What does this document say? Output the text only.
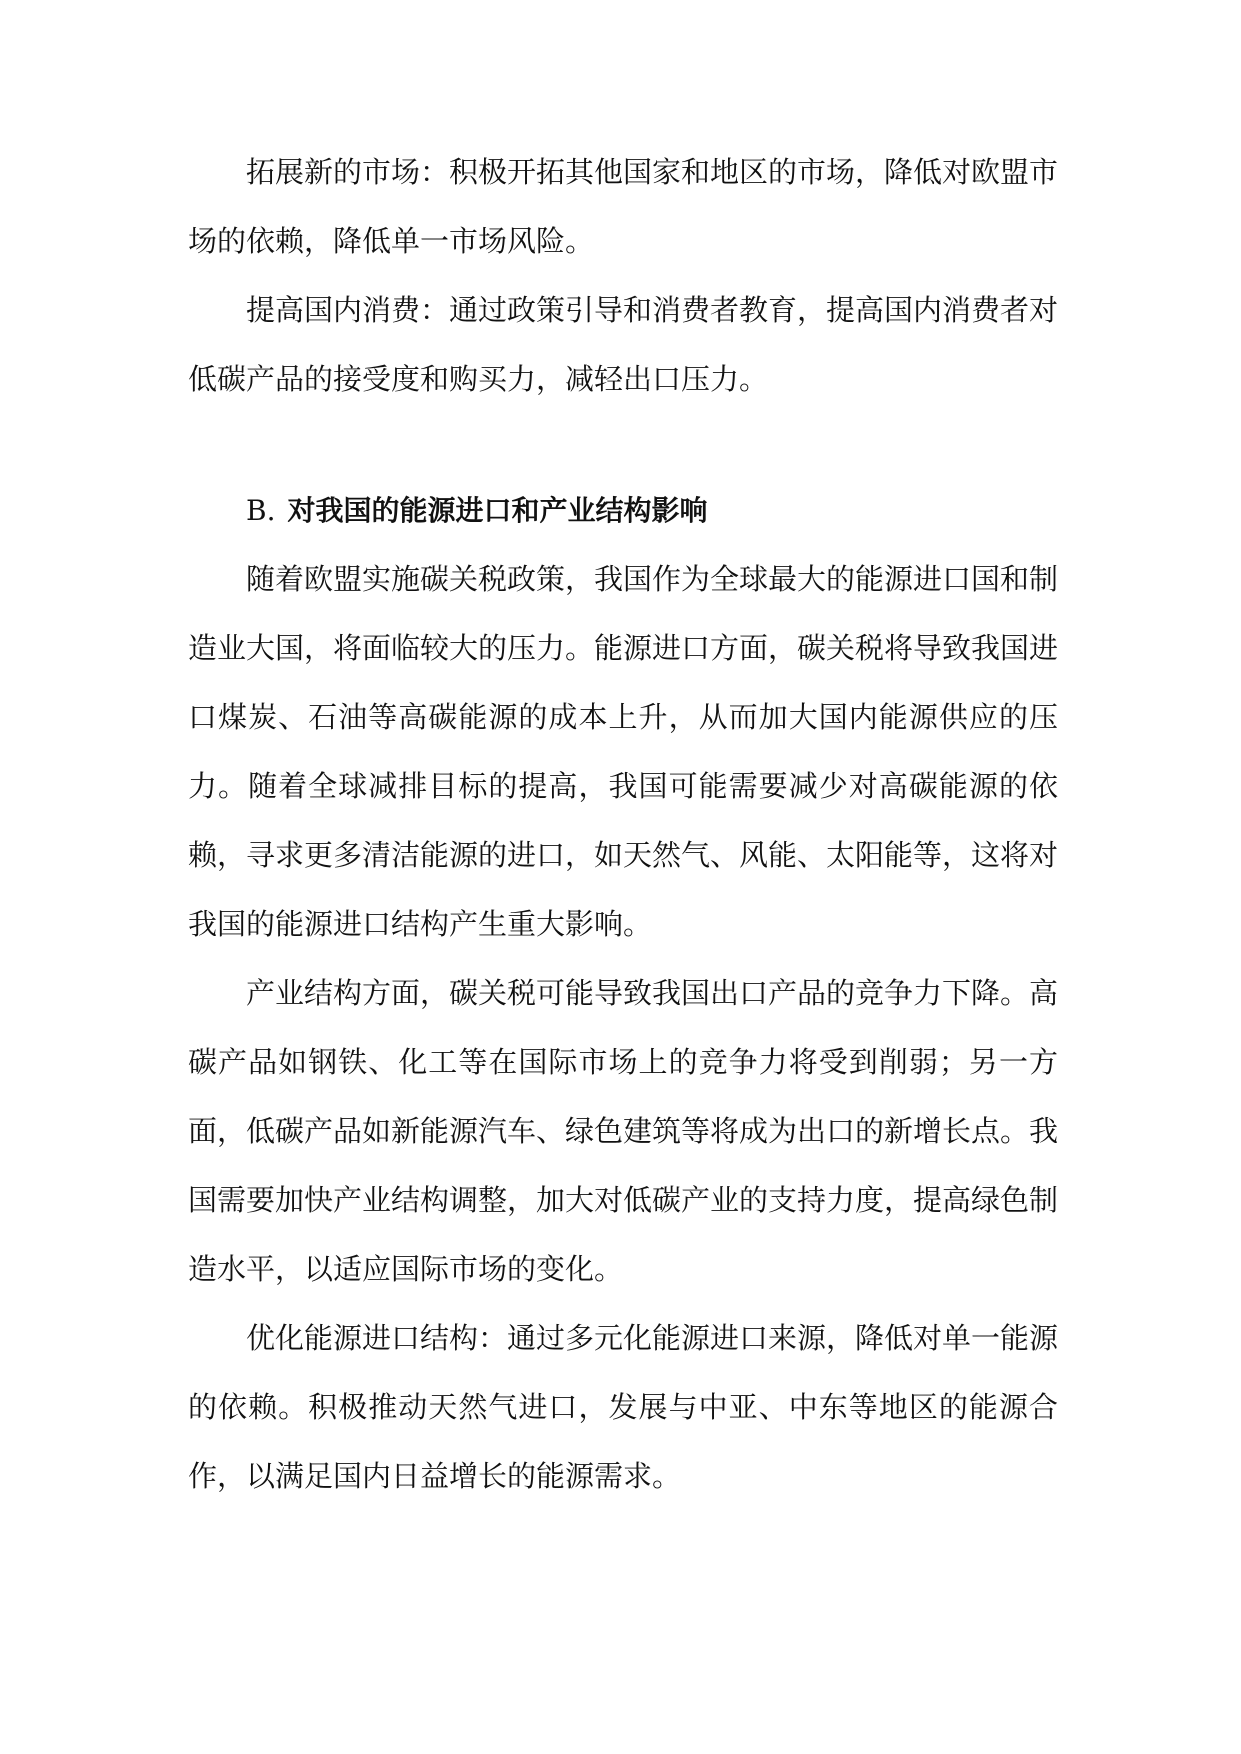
拓展新的市场：积极开拓其他国家和地区的市场，降低对欧盟市场的依赖，降低单一市场风险。

提高国内消费：通过政策引导和消费者教育，提高国内消费者对低碳产品的接受度和购买力，减轻出口压力。

B. 对我国的能源进口和产业结构影响

随着欧盟实施碳关税政策，我国作为全球最大的能源进口国和制造业大国，将面临较大的压力。能源进口方面，碳关税将导致我国进口煤炭、石油等高碳能源的成本上升，从而加大国内能源供应的压力。随着全球减排目标的提高，我国可能需要减少对高碳能源的依赖，寻求更多清洁能源的进口，如天然气、风能、太阳能等，这将对我国的能源进口结构产生重大影响。

产业结构方面，碳关税可能导致我国出口产品的竞争力下降。高碳产品如钢铁、化工等在国际市场上的竞争力将受到削弱；另一方面，低碳产品如新能源汽车、绿色建筑等将成为出口的新增长点。我国需要加快产业结构调整，加大对低碳产业的支持力度，提高绿色制造水平，以适应国际市场的变化。

优化能源进口结构：通过多元化能源进口来源，降低对单一能源的依赖。积极推动天然气进口，发展与中亚、中东等地区的能源合作，以满足国内日益增长的能源需求。
